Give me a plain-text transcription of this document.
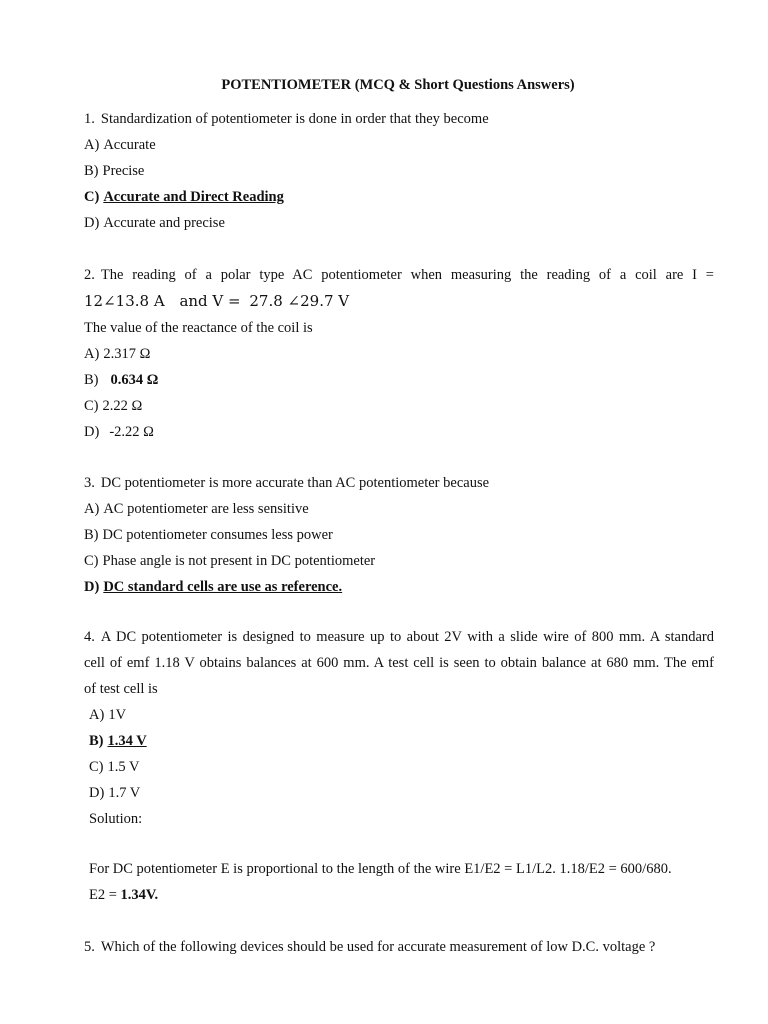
POTENTIOMETER (MCQ & Short Questions Answers)
1. Standardization of potentiometer is done in order that they become
A) Accurate
B) Precise
C) Accurate and Direct Reading
D) Accurate and precise
2. The reading of a polar type AC potentiometer when measuring the reading of a coil are I =
12∠13.8 A and V = 27.8 ∠29.7 V
The value of the reactance of the coil is
A) 2.317 Ω
B) 0.634 Ω
C) 2.22 Ω
D) -2.22 Ω
3. DC potentiometer is more accurate than AC potentiometer because
A) AC potentiometer are less sensitive
B) DC potentiometer consumes less power
C) Phase angle is not present in DC potentiometer
D) DC standard cells are use as reference.
4. A DC potentiometer is designed to measure up to about 2V with a slide wire of 800 mm. A standard
cell of emf 1.18 V obtains balances at 600 mm. A test cell is seen to obtain balance at 680 mm. The emf
of test cell is
A) 1V
B) 1.34 V
C) 1.5 V
D) 1.7 V
Solution:
For DC potentiometer E is proportional to the length of the wire E1/E2 = L1/L2. 1.18/E2 = 600/680.
E2 = 1.34V.
5. Which of the following devices should be used for accurate measurement of low D.C. voltage ?
